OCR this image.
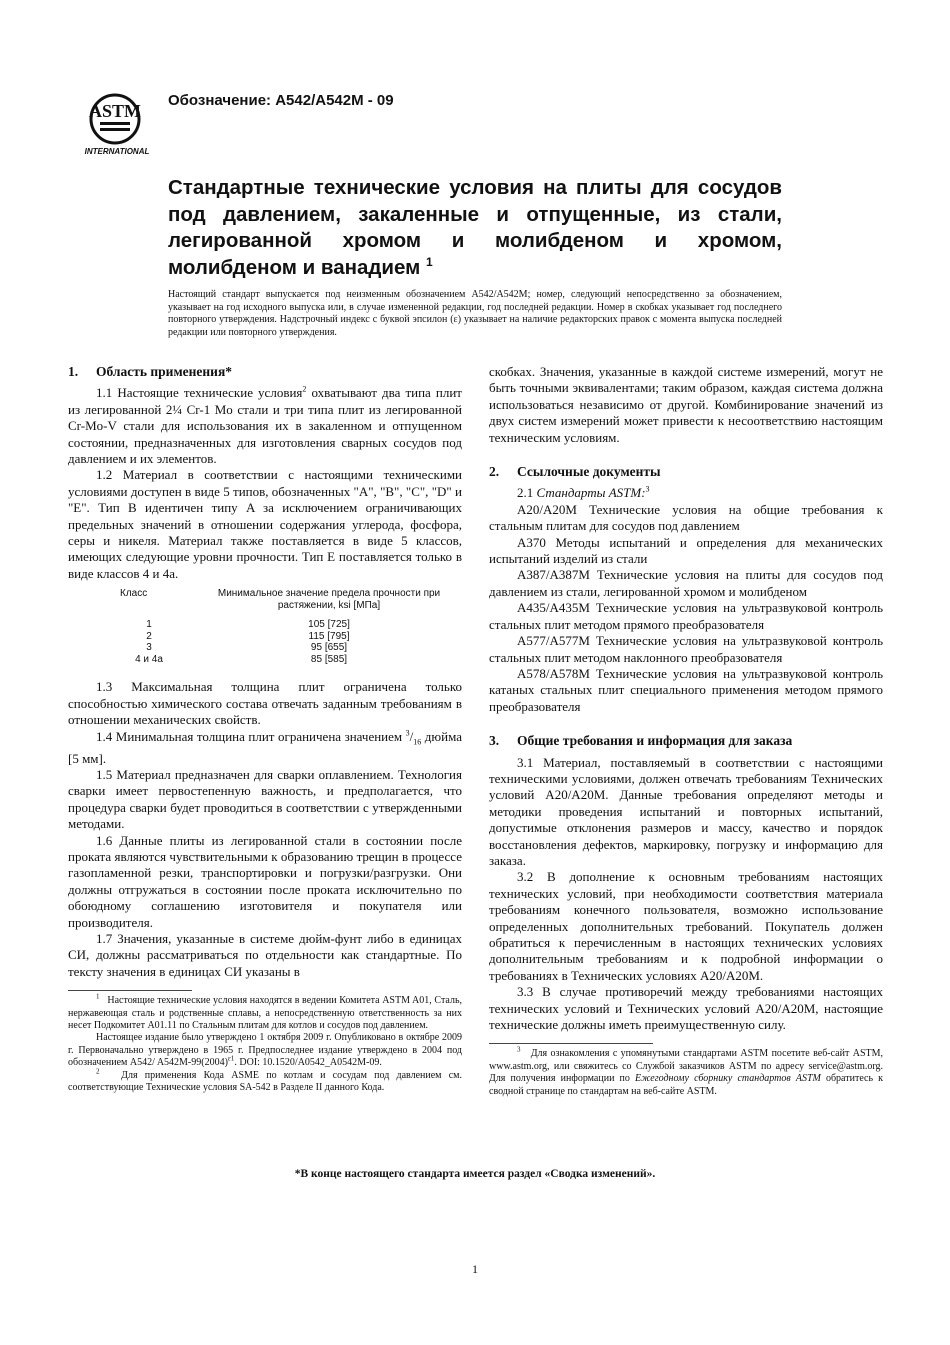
ASTM
INTERNATIONAL
Обозначение: A542/A542M - 09
Стандартные технические условия на плиты для сосудов под давлением, закаленные и отпущенные, из стали, легированной хромом и молибденом и хромом, молибденом и ванадием $^1$

Настоящий стандарт выпускается под неизменным обозначением A542/A542M; номер, следующий непосредственно за обозначением, указывает на год исходного выпуска или, в случае измененной редакции, год последней редакции. Номер в скобках указывает год последнего повторного утверждения. Надстрочный индекс с буквой эпсилон (ε) указывает на наличие редакторских правок с момента выпуска последней редакции или повторного утверждения.

1.	Область применения*

1.1 Настоящие технические условия$^2$ охватывают два типа плит из легированной 2¼ Cr-1 Mo стали и три типа плит из легированной Cr-Mo-V стали для использования их в закаленном и отпущенном состоянии, предназначенных для изготовления сварных сосудов под давлением и их элементов.

1.2 Материал в соответствии с настоящими техническими условиями доступен в виде 5 типов, обозначенных "A", "B", "C", "D" и "E". Тип B идентичен типу A за исключением ограничивающих предельных значений в отношении содержания углерода, фосфора, серы и никеля. Материал также поставляется в виде 5 классов, имеющих следующие уровни прочности. Тип E поставляется только в виде классов 4 и 4a.

Класс	Минимальное значение предела прочности при растяжении, ksi [МПа]
1	105 [725]
2	115 [795]
3	95 [655]
4 и 4a	85 [585]

1.3 Максимальная толщина плит ограничена только способностью химического состава отвечать заданным требованиям в отношении механических свойств.

1.4 Минимальная толщина плит ограничена значением $^3/_{16}$ дюйма [5 мм].

1.5 Материал предназначен для сварки оплавлением. Технология сварки имеет первостепенную важность, и предполагается, что процедура сварки будет проводиться в соответствии с утвержденными методами.

1.6 Данные плиты из легированной стали в состоянии после проката являются чувствительными к образованию трещин в процессе газопламенной резки, транспортировки и погрузки/разгрузки. Они должны отгружаться в состоянии после проката исключительно по обоюдному соглашению изготовителя и покупателя или производителя.

1.7 Значения, указанные в системе дюйм-фунт либо в единицах СИ, должны рассматриваться по отдельности как стандартные. По тексту значения в единицах СИ указаны в

$^1$ Настоящие технические условия находятся в ведении Комитета ASTM A01, Сталь, нержавеющая сталь и родственные сплавы, а непосредственную ответственность за них несет Подкомитет A01.11 по Стальным плитам для котлов и сосудов под давлением.

Настоящее издание было утверждено 1 октября 2009 г. Опубликовано в октябре 2009 г. Первоначально утверждено в 1965 г. Предпоследнее издание утверждено в 2004 под обозначением A542/ $A542M-99(2004)^{\varepsilon 1}$. DOI: 10.1520/A0542_A0542M-09.

$^2$ Для применения Кода ASME по котлам и сосудам под давлением см. соответствующие Технические условия SA-542 в Разделе II данного Кода.

скобках. Значения, указанные в каждой системе измерений, могут не быть точными эквивалентами; таким образом, каждая система должна использоваться независимо от другой. Комбинирование значений из двух систем измерений может привести к несоответствию настоящим техническим условиям.

2.	Ссылочные документы

2.1 Стандарты ASTM:$^3$

A20/A20M Технические условия на общие требования к стальным плитам для сосудов под давлением

A370 Методы испытаний и определения для механических испытаний изделий из стали

A387/A387M Технические условия на плиты для сосудов под давлением из стали, легированной хромом и молибденом

A435/A435M Технические условия на ультразвуковой контроль стальных плит методом прямого преобразователя

A577/A577M Технические условия на ультразвуковой контроль стальных плит методом наклонного преобразователя

A578/A578M Технические условия на ультразвуковой контроль катаных стальных плит специального применения методом прямого преобразователя

3.	Общие требования и информация для заказа

3.1 Материал, поставляемый в соответствии с настоящими техническими условиями, должен отвечать требованиям Технических условий A20/A20M. Данные требования определяют методы и методики проведения испытаний и повторных испытаний, допустимые отклонения размеров и массу, качество и порядок восстановления дефектов, маркировку, погрузку и информацию для заказа.

3.2 В дополнение к основным требованиям настоящих технических условий, при необходимости соответствия материала требованиям конечного пользователя, возможно использование определенных дополнительных требований. Покупатель должен обратиться к перечисленным в настоящих технических условиях дополнительным требованиям и к подробной информации о требованиях в Технических условиях A20/A20M.

3.3 В случае противоречий между требованиями настоящих технических условий и Технических условий A20/A20M, настоящие технические должны иметь преимущественную силу.

$^3$ Для ознакомления с упомянутыми стандартами ASTM посетите веб-сайт ASTM, www.astm.org, или свяжитесь со Службой заказчиков ASTM по адресу service@astm.org. Для получения информации по Ежегодному сборнику стандартов ASTM обратитесь к сводной странице по стандартам на веб-сайте ASTM.

*В конце настоящего стандарта имеется раздел «Сводка изменений».
1
